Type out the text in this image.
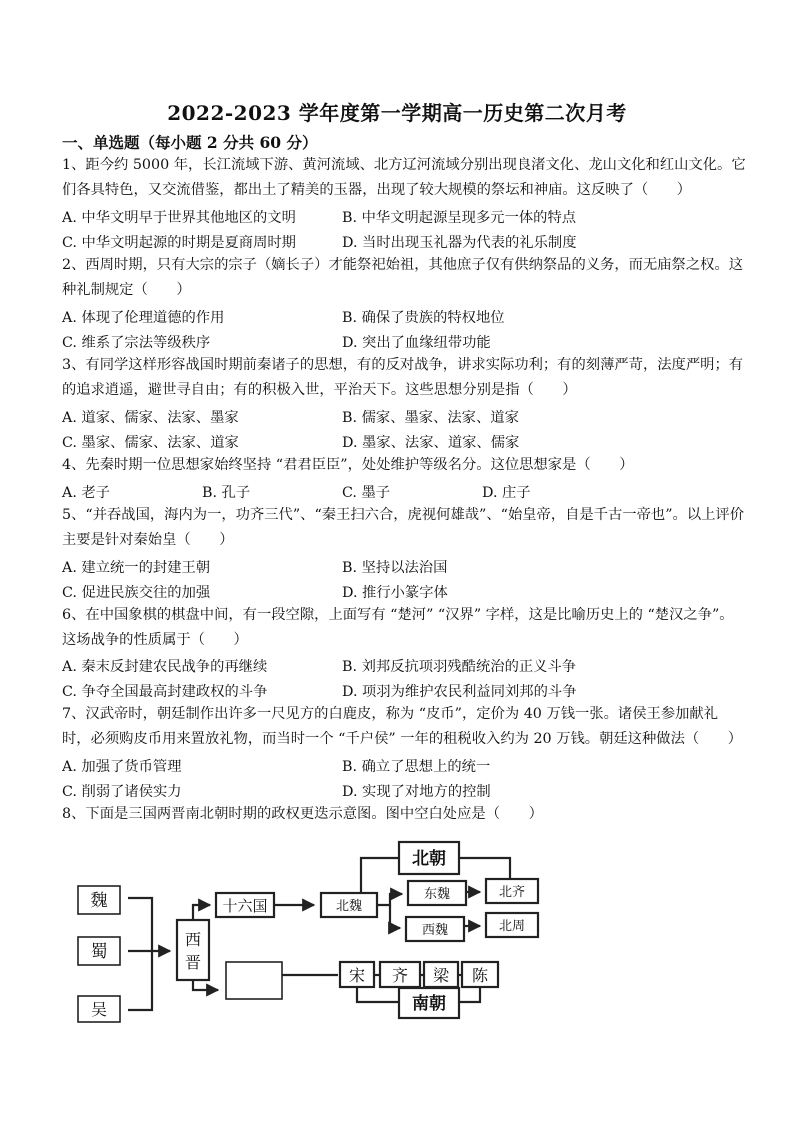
2022-2023 学年度第一学期高一历史第二次月考
一、单选题（每小题 2 分共 60 分）

1、距今约 5000 年，长江流域下游、黄河流域、北方辽河流域分别出现良渚文化、龙山文化和红山文化。它

们各具特色，又交流借鉴，都出土了精美的玉器，出现了较大规模的祭坛和神庙。这反映了（　　）

A. 中华文明早于世界其他地区的文明	B. 中华文明起源呈现多元一体的特点
C. 中华文明起源的时期是夏商周时期	D. 当时出现玉礼器为代表的礼乐制度

2、西周时期，只有大宗的宗子（嫡长子）才能祭祀始祖，其他庶子仅有供纳祭品的义务，而无庙祭之权。这

种礼制规定（　　）

A. 体现了伦理道德的作用	B. 确保了贵族的特权地位
C. 维系了宗法等级秩序	D. 突出了血缘纽带功能

3、有同学这样形容战国时期前秦诸子的思想，有的反对战争，讲求实际功利；有的刻薄严苛，法度严明；有

的追求逍遥，避世寻自由；有的积极入世，平治天下。这些思想分别是指（　　）

A. 道家、儒家、法家、墨家	B. 儒家、墨家、法家、道家
C. 墨家、儒家、法家、道家	D. 墨家、法家、道家、儒家

4、先秦时期一位思想家始终坚持 “君君臣臣”，处处维护等级名分。这位思想家是（　　）

A. 老子	B. 孔子	C. 墨子	D. 庄子

5、“并吞战国，海内为一，功齐三代”、“秦王扫六合，虎视何雄哉”、“始皇帝，自是千古一帝也”。以上评价

主要是针对秦始皇（　　）

A. 建立统一的封建王朝	B. 坚持以法治国
C. 促进民族交往的加强	D. 推行小篆字体

6、在中国象棋的棋盘中间，有一段空隙，上面写有 “楚河” “汉界” 字样，这是比喻历史上的 “楚汉之争”。

这场战争的性质属于（　　）

A. 秦末反封建农民战争的再继续	B. 刘邦反抗项羽残酷统治的正义斗争
C. 争夺全国最高封建政权的斗争	D. 项羽为维护农民利益同刘邦的斗争

7、汉武帝时，朝廷制作出许多一尺见方的白鹿皮，称为 “皮币”，定价为 40 万钱一张。诸侯王参加献礼

时，必须购皮币用来置放礼物，而当时一个 “千户侯” 一年的租税收入约为 20 万钱。朝廷这种做法（　　）

A. 加强了货币管理	B. 确立了思想上的统一
C. 削弱了诸侯实力	D. 实现了对地方的控制

8、下面是三国两晋南北朝时期的政权更迭示意图。图中空白处应是（　　）

魏
蜀
吴
西
晋
十六国	北魏
北朝
东魏
西魏
北齐
北周
宋 齐 梁 陈
南朝
